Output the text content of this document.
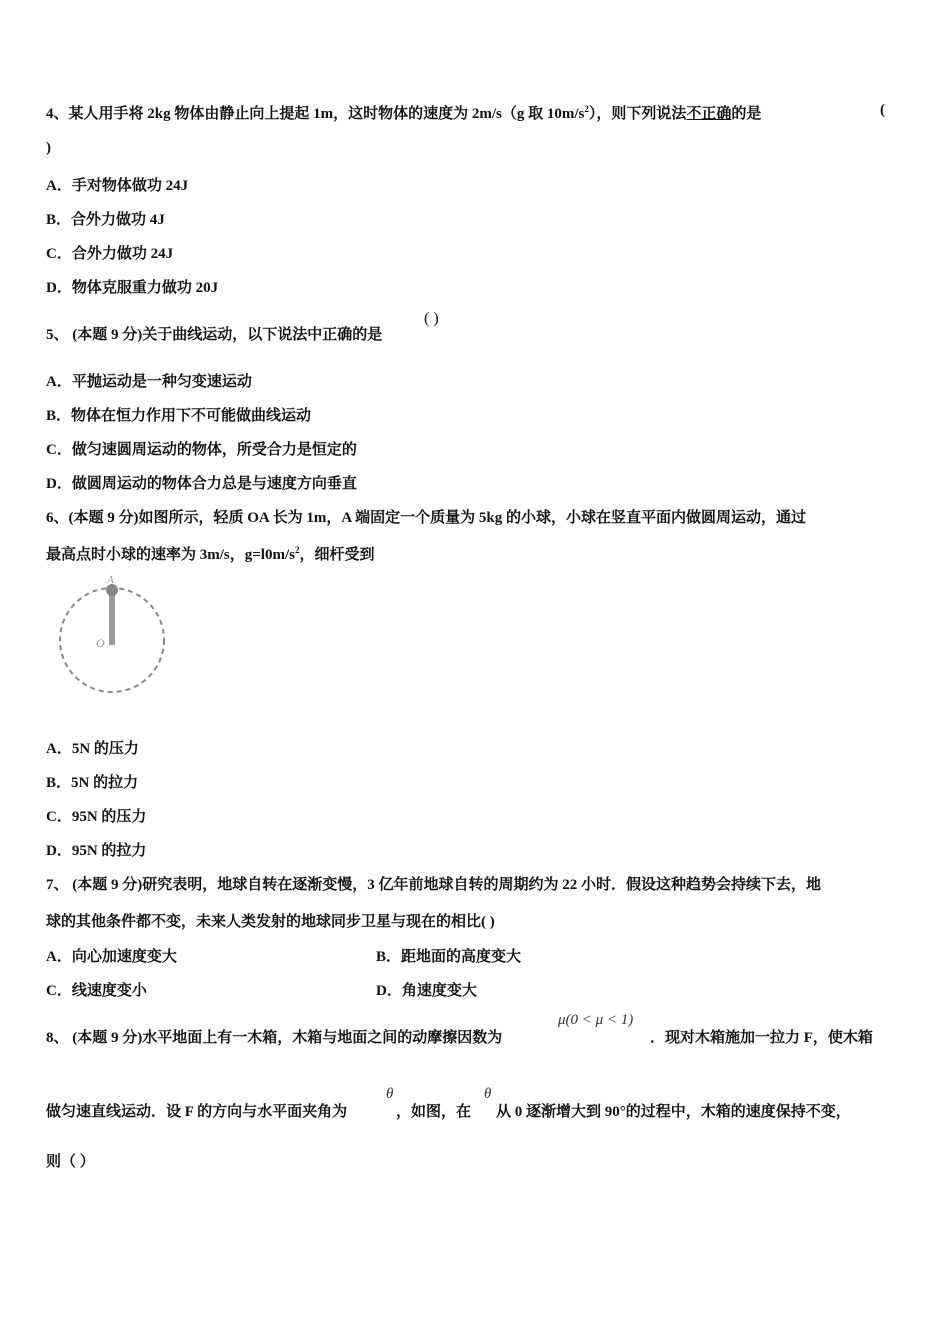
4、某人用手将 2kg 物体由静止向上提起 1m，这时物体的速度为 2m/s（g 取 $10m/s^2$），则下列说法不正确的是	(
)
A．手对物体做功 24J
B．合外力做功 4J
C．合外力做功 24J
D．物体克服重力做功 20J
5、 (本题 9 分)关于曲线运动，以下说法中正确的是
( )
A．平抛运动是一种匀变速运动
B．物体在恒力作用下不可能做曲线运动
C．做匀速圆周运动的物体，所受合力是恒定的
D．做圆周运动的物体合力总是与速度方向垂直
6、(本题 9 分)如图所示，轻质 OA 长为 1m，A 端固定一个质量为 5kg 的小球，小球在竖直平面内做圆周运动，通过
最高点时小球的速率为 3m/s，$g=l0m/s^2$，细杆受到
A
O
A．5N 的压力
B．5N 的拉力
C．95N 的压力
D．95N 的拉力
7、 (本题 9 分)研究表明，地球自转在逐渐变慢，3 亿年前地球自转的周期约为 22 小时．假设这种趋势会持续下去，地
球的其他条件都不变，未来人类发射的地球同步卫星与现在的相比( )
A．向心加速度变大	B．距地面的高度变大
C．线速度变小	D．角速度变大
8、 (本题 9 分)水平地面上有一木箱，木箱与地面之间的动摩擦因数为
μ(0 < μ < 1)
．现对木箱施加一拉力 F，使木箱
做匀速直线运动．设 F 的方向与水平面夹角为
θ
，如图，在
θ
从 0 逐渐增大到 90°的过程中，木箱的速度保持不变，
则（ ）
